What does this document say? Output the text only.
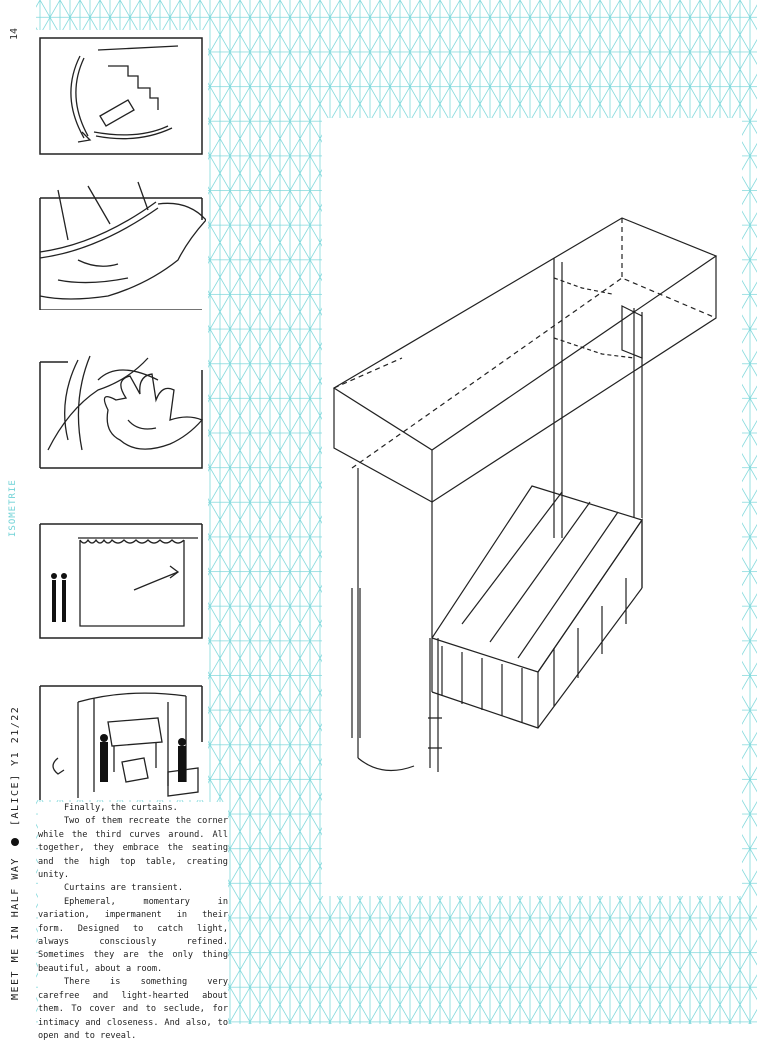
14
ISOMETRIE
MEET ME IN HALF WAY  [ALICE] Y1 21/22

Finally, the curtains.

Two of them recreate the corner while the third curves around. All together, they embrace the seating and the high top table, creating unity.

Curtains are transient.

Ephemeral, momentary in variation, impermanent in their form. Designed to catch light, always consciously refined. Sometimes they are the only thing beautiful, about a room.

There is something very carefree and light-hearted about them. To cover and to seclude, for intimacy and closeness. And also, to open and to reveal.
